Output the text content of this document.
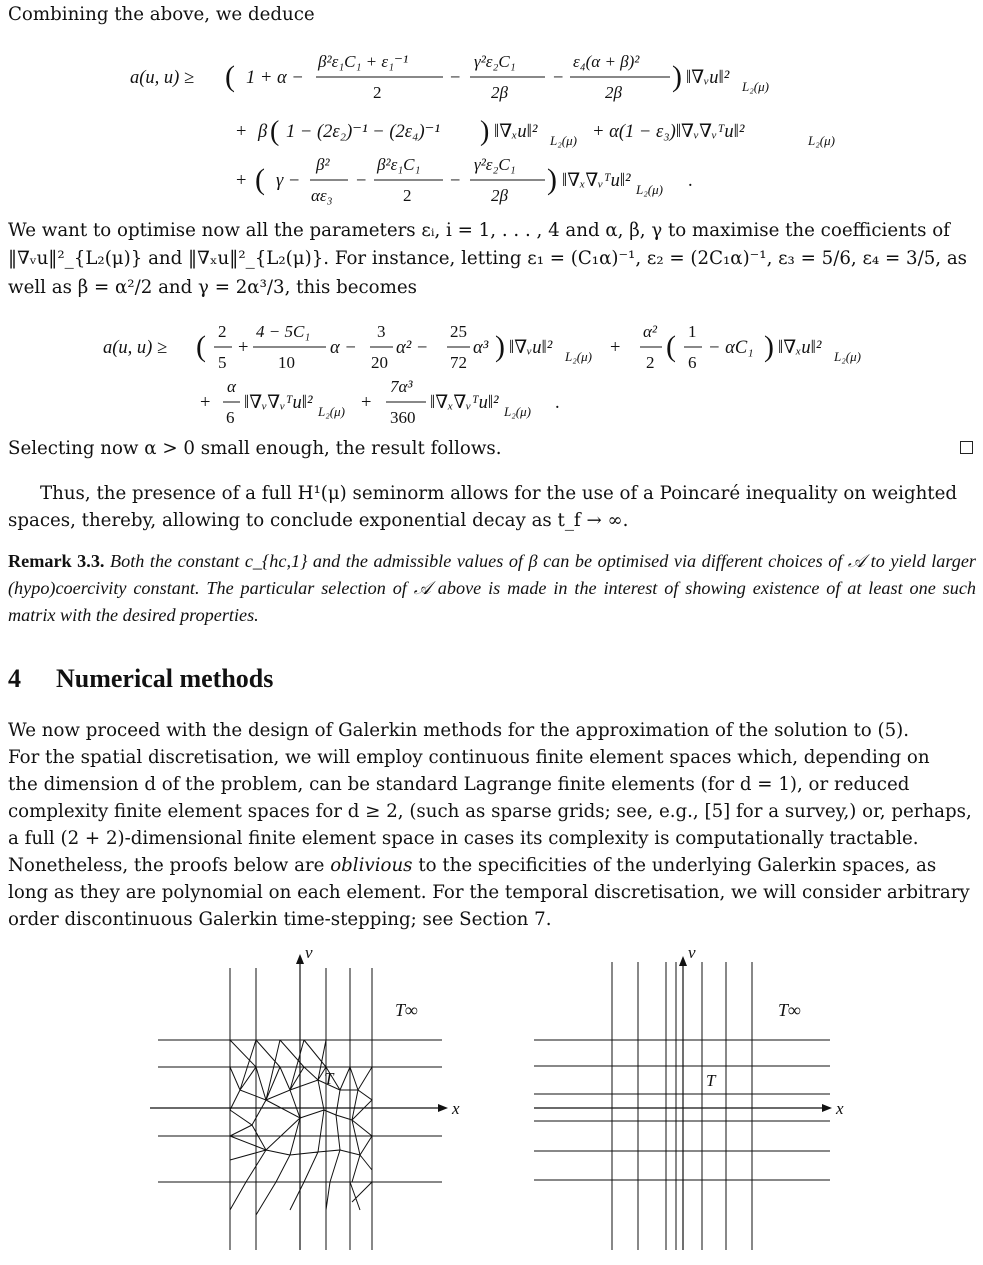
Combining the above, we deduce
a(u, u) ≥ ( 1 + α −
β²ε₁C₁ + ε₁⁻¹
2
−
γ²ε₂C₁
2β
−
ε₄(α + β)²
2β ) ‖∇ᵥu‖² L₂(μ)
+ β ( 1 − (2ε₂)⁻¹ − (2ε₄)⁻¹ ) ‖∇ₓu‖² L₂(μ) + α(1 − ε₃)‖∇ᵥ∇ᵥᵀu‖²	L₂(μ)
+ ( γ −
β²
αε₃
−
β²ε₁C₁
2
−
γ²ε₂C₁
2β ) ‖∇ₓ∇ᵥᵀu‖² L₂(μ) .
We want to optimise now all the parameters εᵢ, i = 1, . . . , 4 and α, β, γ to maximise the coefficients of
‖∇ᵥu‖²_{L₂(μ)} and ‖∇ₓu‖²_{L₂(μ)}. For instance, letting ε₁ = (C₁α)⁻¹, ε₂ = (2C₁α)⁻¹, ε₃ = 5/6, ε₄ = 3/5, as
well as β = α²/2 and γ = 2α³/3, this becomes
a(u, u) ≥ ( 2
5
+
4 − 5C₁
10
α −
3
20
α² −
25
72
α³ ) ‖∇ᵥu‖² L₂(μ) +
α²
2 ( 1
6
− αC₁ ) ‖∇ₓu‖² L₂(μ)
+
α
6
‖∇ᵥ∇ᵥᵀu‖² L₂(μ) +
7α³
360
‖∇ₓ∇ᵥᵀu‖² L₂(μ) .
Selecting now α > 0 small enough, the result follows.
Thus, the presence of a full H¹(μ) seminorm allows for the use of a Poincaré inequality on weighted
spaces, thereby, allowing to conclude exponential decay as t_f → ∞.
Remark 3.3. Both the constant c_{hc,1} and the admissible values of β can be optimised via different choices of 𝒜 to yield larger (hypo)coercivity constant. The particular selection of 𝒜 above is made in the interest of showing existence of at least one such matrix with the desired properties.
4 Numerical methods
We now proceed with the design of Galerkin methods for the approximation of the solution to (5).
For the spatial discretisation, we will employ continuous finite element spaces which, depending on
the dimension d of the problem, can be standard Lagrange finite elements (for d = 1), or reduced
complexity finite element spaces for d ≥ 2, (such as sparse grids; see, e.g., [5] for a survey,) or, perhaps,
a full (2 + 2)-dimensional finite element space in cases its complexity is computationally tractable.
Nonetheless, the proofs below are oblivious to the specificities of the underlying Galerkin spaces, as
long as they are polynomial on each element. For the temporal discretisation, we will consider arbitrary
order discontinuous Galerkin time-stepping; see Section 7.
v
x
T
T∞
v
x
T
T∞
